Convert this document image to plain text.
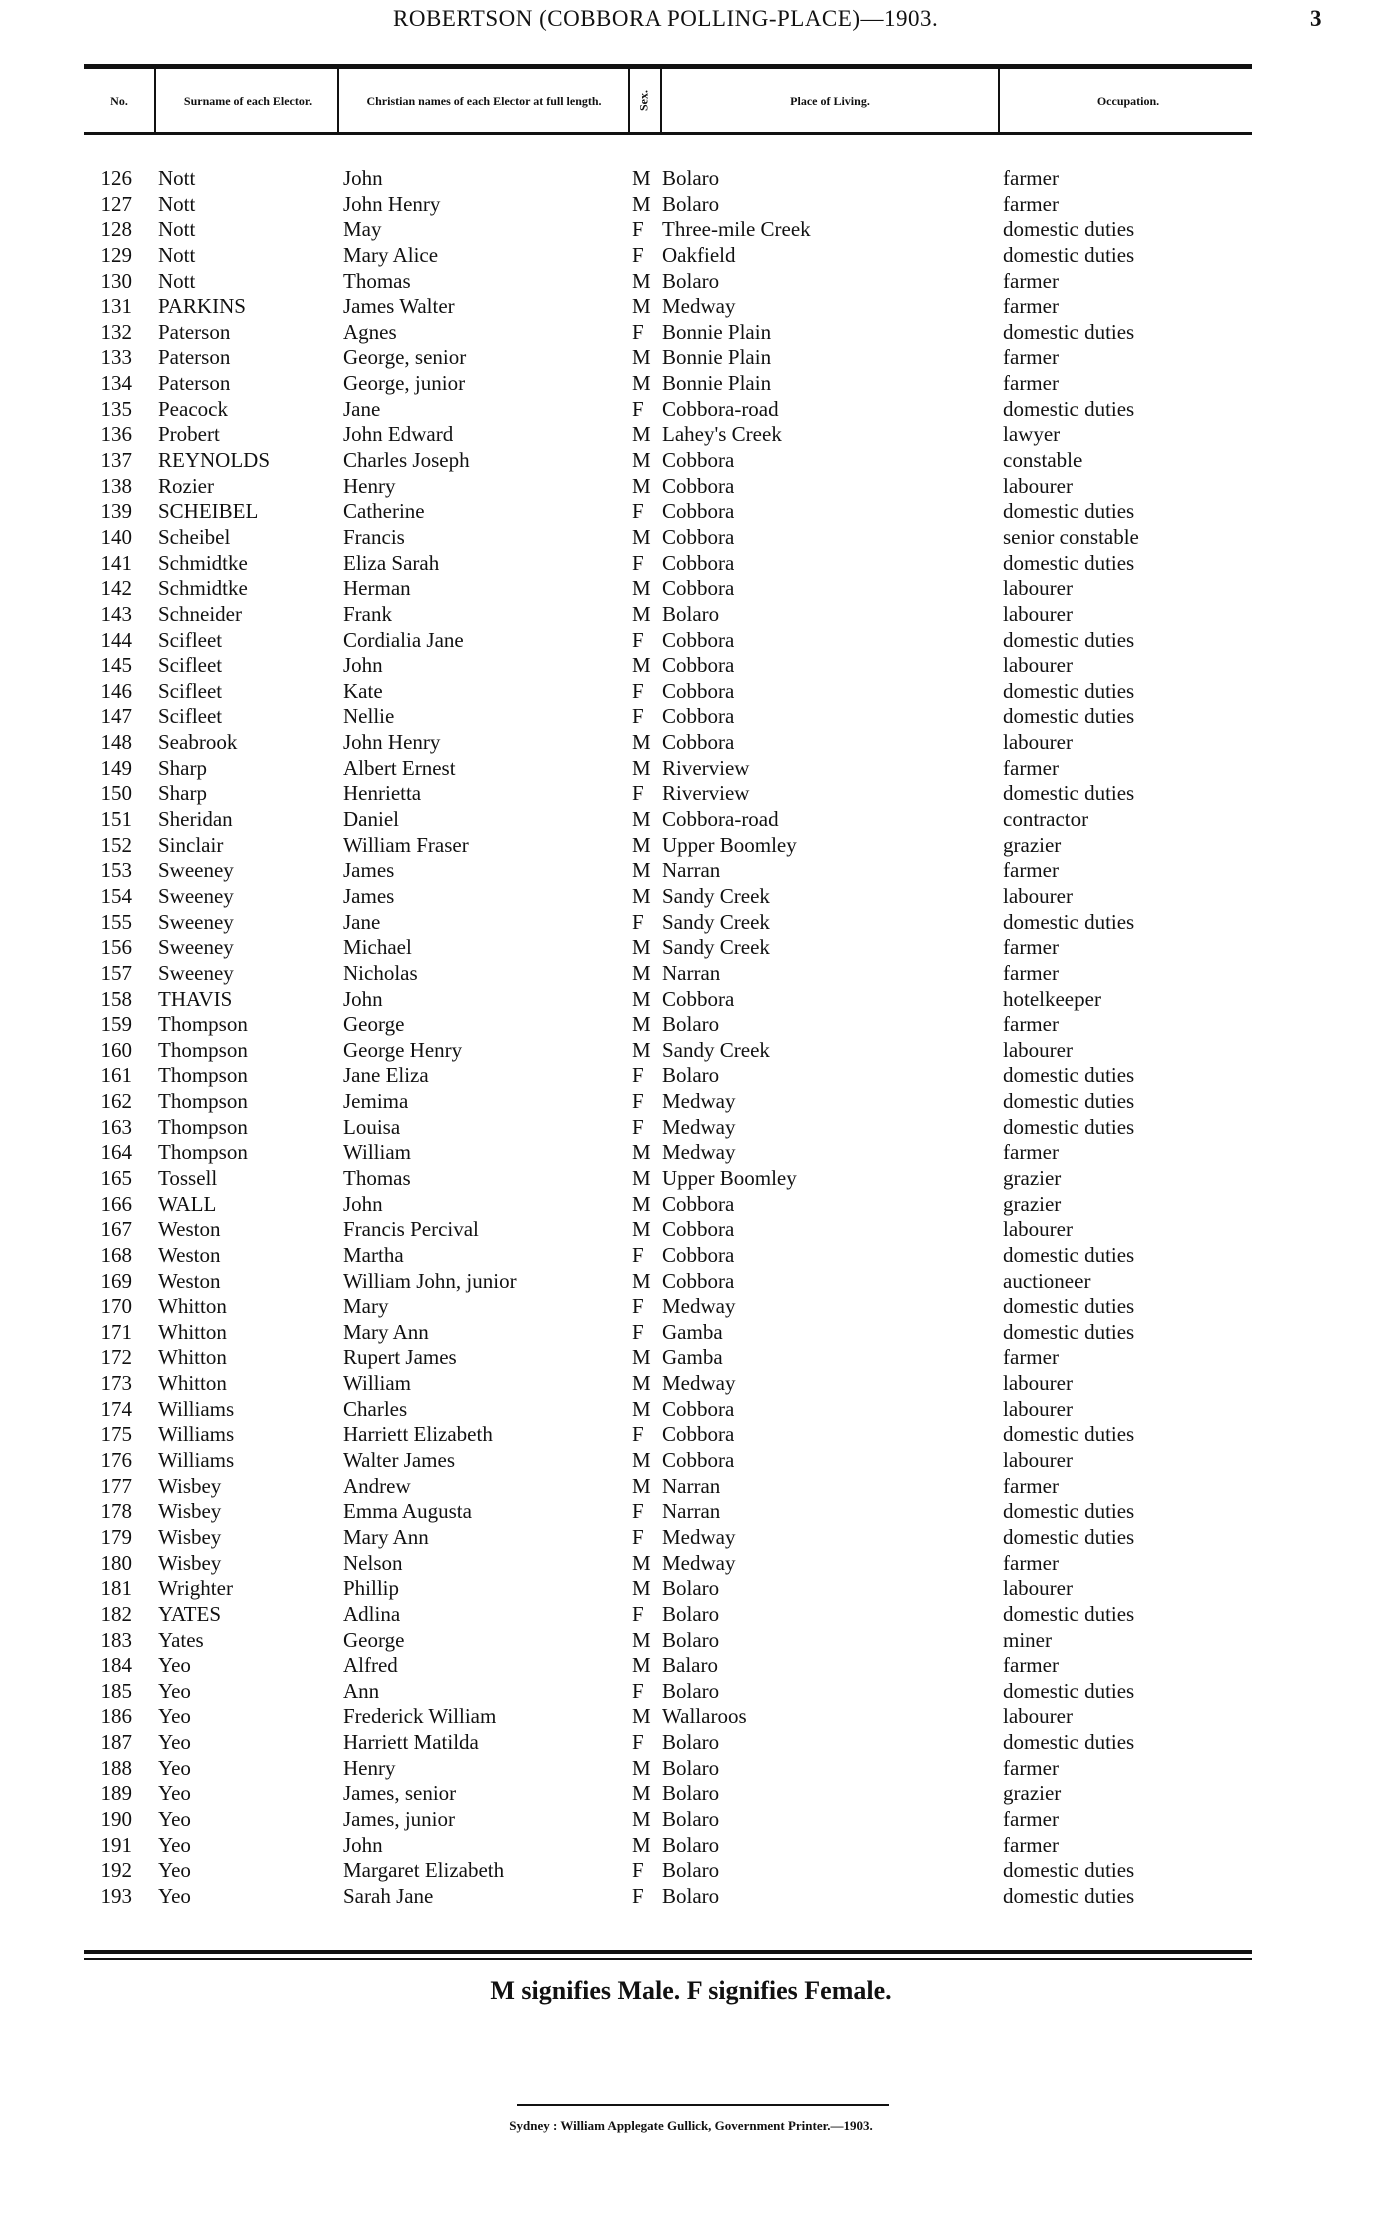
ROBERTSON (COBBORA POLLING-PLACE)—1903.	3
No.	Surname of each Elector.	Christian names of each Elector at full length.	Sex.	Place of Living.	Occupation.
126 Nott	John	M Bolaro	farmer
127 Nott	John Henry	M Bolaro	farmer
128 Nott	May	F Three-mile Creek	domestic duties
129 Nott	Mary Alice	F Oakfield	domestic duties
130 Nott	Thomas	M Bolaro	farmer
131 PARKINS	James Walter	M Medway	farmer
132 Paterson	Agnes	F Bonnie Plain	domestic duties
133 Paterson	George, senior	M Bonnie Plain	farmer
134 Paterson	George, junior	M Bonnie Plain	farmer
135 Peacock	Jane	F Cobbora-road	domestic duties
136 Probert	John Edward	M Lahey's Creek	lawyer
137 REYNOLDS	Charles Joseph	M Cobbora	constable
138 Rozier	Henry	M Cobbora	labourer
139 SCHEIBEL	Catherine	F Cobbora	domestic duties
140 Scheibel	Francis	M Cobbora	senior constable
141 Schmidtke	Eliza Sarah	F Cobbora	domestic duties
142 Schmidtke	Herman	M Cobbora	labourer
143 Schneider	Frank	M Bolaro	labourer
144 Scifleet	Cordialia Jane	F Cobbora	domestic duties
145 Scifleet	John	M Cobbora	labourer
146 Scifleet	Kate	F Cobbora	domestic duties
147 Scifleet	Nellie	F Cobbora	domestic duties
148 Seabrook	John Henry	M Cobbora	labourer
149 Sharp	Albert Ernest	M Riverview	farmer
150 Sharp	Henrietta	F Riverview	domestic duties
151 Sheridan	Daniel	M Cobbora-road	contractor
152 Sinclair	William Fraser	M Upper Boomley	grazier
153 Sweeney	James	M Narran	farmer
154 Sweeney	James	M Sandy Creek	labourer
155 Sweeney	Jane	F Sandy Creek	domestic duties
156 Sweeney	Michael	M Sandy Creek	farmer
157 Sweeney	Nicholas	M Narran	farmer
158 THAVIS	John	M Cobbora	hotelkeeper
159 Thompson	George	M Bolaro	farmer
160 Thompson	George Henry	M Sandy Creek	labourer
161 Thompson	Jane Eliza	F Bolaro	domestic duties
162 Thompson	Jemima	F Medway	domestic duties
163 Thompson	Louisa	F Medway	domestic duties
164 Thompson	William	M Medway	farmer
165 Tossell	Thomas	M Upper Boomley	grazier
166 WALL	John	M Cobbora	grazier
167 Weston	Francis Percival	M Cobbora	labourer
168 Weston	Martha	F Cobbora	domestic duties
169 Weston	William John, junior	M Cobbora	auctioneer
170 Whitton	Mary	F Medway	domestic duties
171 Whitton	Mary Ann	F Gamba	domestic duties
172 Whitton	Rupert James	M Gamba	farmer
173 Whitton	William	M Medway	labourer
174 Williams	Charles	M Cobbora	labourer
175 Williams	Harriett Elizabeth	F Cobbora	domestic duties
176 Williams	Walter James	M Cobbora	labourer
177 Wisbey	Andrew	M Narran	farmer
178 Wisbey	Emma Augusta	F Narran	domestic duties
179 Wisbey	Mary Ann	F Medway	domestic duties
180 Wisbey	Nelson	M Medway	farmer
181 Wrighter	Phillip	M Bolaro	labourer
182 YATES	Adlina	F Bolaro	domestic duties
183 Yates	George	M Bolaro	miner
184 Yeo	Alfred	M Balaro	farmer
185 Yeo	Ann	F Bolaro	domestic duties
186 Yeo	Frederick William	M Wallaroos	labourer
187 Yeo	Harriett Matilda	F Bolaro	domestic duties
188 Yeo	Henry	M Bolaro	farmer
189 Yeo	James, senior	M Bolaro	grazier
190 Yeo	James, junior	M Bolaro	farmer
191 Yeo	John	M Bolaro	farmer
192 Yeo	Margaret Elizabeth	F Bolaro	domestic duties
193 Yeo	Sarah Jane	F Bolaro	domestic duties
M signifies Male. F signifies Female.
Sydney : William Applegate Gullick, Government Printer.—1903.
